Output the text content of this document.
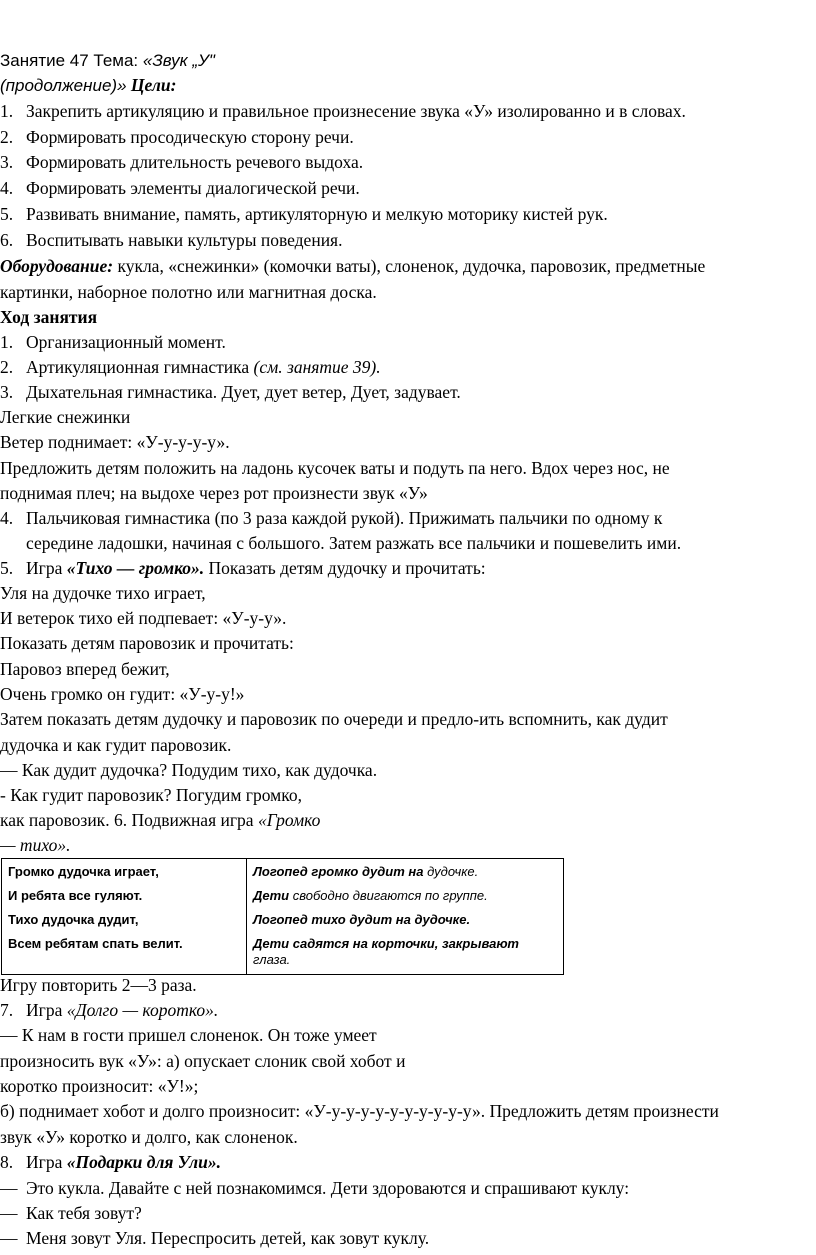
Занятие 47 Тема: «Звук „У"
(продолжение)» Цели:
1. Закрепить артикуляцию и правильное произнесение звука «У» изолированно и в словах.
2. Формировать просодическую сторону речи.
3. Формировать длительность речевого выдоха.
4. Формировать элементы диалогической речи.
5. Развивать внимание, память, артикуляторную и мелкую моторику кистей рук.
6. Воспитывать навыки культуры поведения.
Оборудование: кукла, «снежинки» (комочки ваты), слоненок, дудочка, паровозик, предметные
картинки, наборное полотно или магнитная доска.
Ход занятия
1. Организационный момент.
2. Артикуляционная гимнастика (см. занятие 39).
3. Дыхательная гимнастика. Дует, дует ветер, Дует, задувает.
Легкие снежинки
Ветер поднимает: «У-у-у-у-у».
Предложить детям положить на ладонь кусочек ваты и подуть па него. Вдох через нос, не
поднимая плеч; на выдохе через рот произнести звук «У»
4. Пальчиковая гимнастика (по 3 раза каждой рукой). Прижимать пальчики по одному к
середине ладошки, начиная с большого. Затем разжать все пальчики и пошевелить ими.
5. Игра «Тихо — громко». Показать детям дудочку и прочитать:
Уля на дудочке тихо играет,
И ветерок тихо ей подпевает: «У-у-у».
Показать детям паровозик и прочитать:
Паровоз вперед бежит,
Очень громко он гудит: «У-у-у!»
Затем показать детям дудочку и паровозик по очереди и предло-ить вспомнить, как дудит
дудочка и как гудит паровозик.
— Как дудит дудочка? Подудим тихо, как дудочка.
- Как гудит паровозик? Погудим громко,
как паровозик. 6. Подвижная игра «Громко
— тихо».
Громко дудочка играет,	Логопед громко дудит на дудочке.
И ребята все гуляют.	Дети свободно двигаются по группе.
Тихо дудочка дудит,	Логопед тихо дудит на дудочке.
Всем ребятам спать велит.	Дети садятся на корточки, закрывают
глаза.
Игру повторить 2—3 раза.
7. Игра «Долго — коротко».
— К нам в гости пришел слоненок. Он тоже умеет
произносить вук «У»: а) опускает слоник свой хобот и
коротко произносит: «У!»;
б) поднимает хобот и долго произносит: «У-у-у-у-у-у-у-у-у-у-у». Предложить детям произнести
звук «У» коротко и долго, как слоненок.
8. Игра «Подарки для Ули».
— Это кукла. Давайте с ней познакомимся. Дети здороваются и спрашивают куклу:
— Как тебя зовут?
— Меня зовут Уля. Переспросить детей, как зовут куклу.
